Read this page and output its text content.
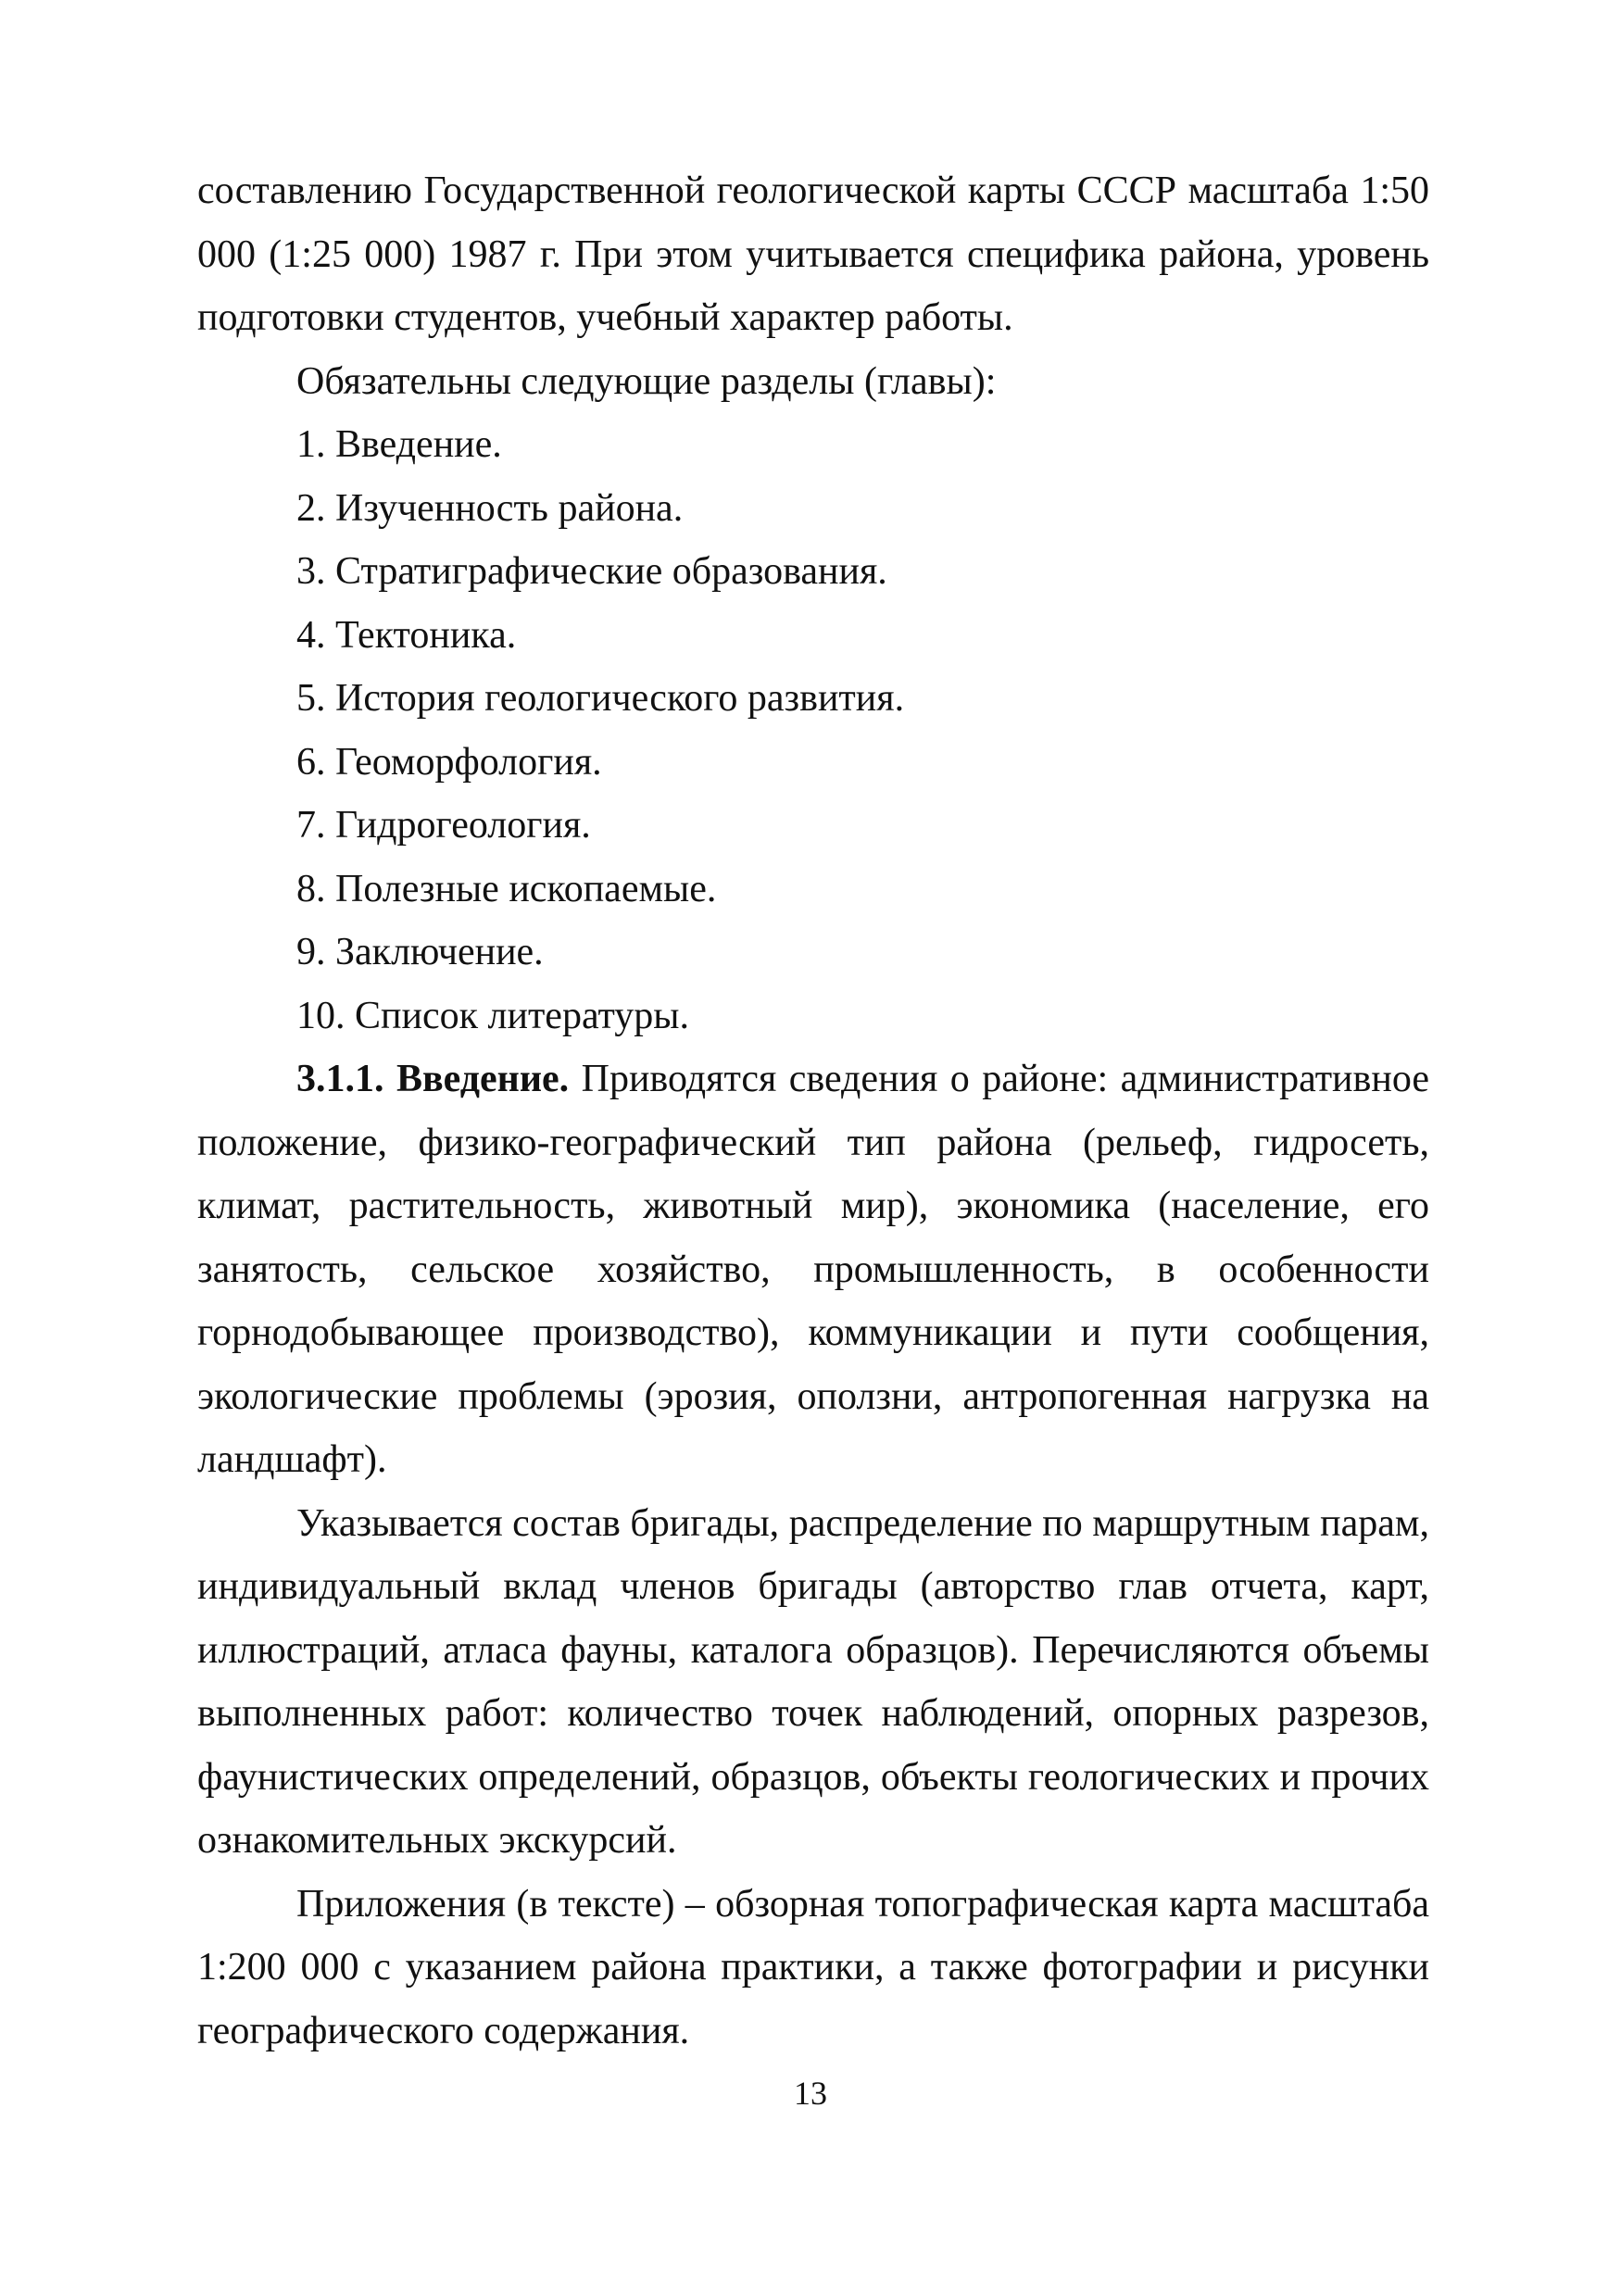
составлению Государственной геологической карты СССР масштаба 1:50 000 (1:25 000) 1987 г. При этом учитывается специфика района, уровень подготовки студентов, учебный характер работы.

Обязательны следующие разделы (главы):

1. Введение.
2. Изученность района.
3. Стратиграфические образования.
4. Тектоника.
5. История геологического развития.
6. Геоморфология.
7. Гидрогеология.
8. Полезные ископаемые.
9. Заключение.
10. Список литературы.

3.1.1. Введение. Приводятся сведения о районе: административное положение, физико-географический тип района (рельеф, гидросеть, климат, растительность, животный мир), экономика (население, его занятость, сельское хозяйство, промышленность, в особенности горнодобывающее производство), коммуникации и пути сообщения, экологические проблемы (эрозия, оползни, антропогенная нагрузка на ландшафт).

Указывается состав бригады, распределение по маршрутным парам, индивидуальный вклад членов бригады (авторство глав отчета, карт, иллюстраций, атласа фауны, каталога образцов). Перечисляются объемы выполненных работ: количество точек наблюдений, опорных разрезов, фаунистических определений, образцов, объекты геологических и прочих ознакомительных экскурсий.

Приложения (в тексте) – обзорная топографическая карта масштаба 1:200 000 с указанием района практики, а также фотографии и рисунки географического содержания.

13
